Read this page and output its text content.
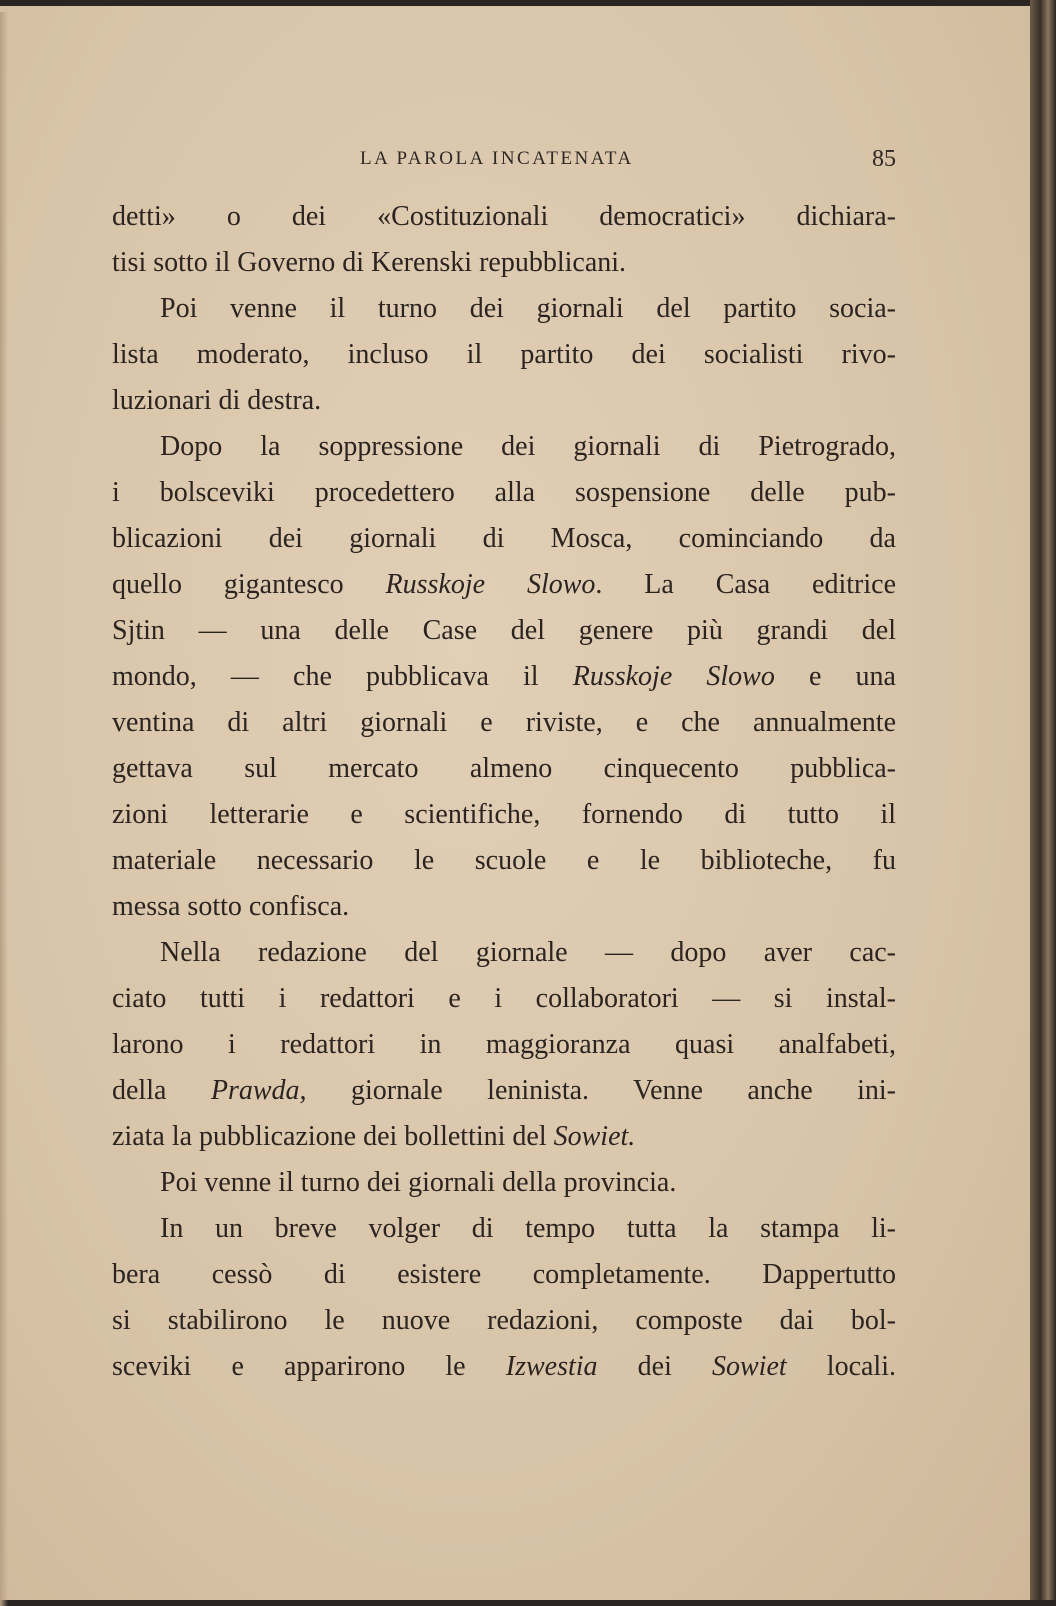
LA PAROLA INCATENATA	85
detti» o dei «Costituzionali democratici» dichiara-
tisi sotto il Governo di Kerenski repubblicani.
Poi venne il turno dei giornali del partito socia-
lista moderato, incluso il partito dei socialisti rivo-
luzionari di destra.
Dopo la soppressione dei giornali di Pietrogrado,
i bolsceviki procedettero alla sospensione delle pub-
blicazioni dei giornali di Mosca, cominciando da
quello gigantesco Russkoje Slowo. La Casa editrice
Sjtin — una delle Case del genere più grandi del
mondo, — che pubblicava il Russkoje Slowo e una
ventina di altri giornali e riviste, e che annualmente
gettava sul mercato almeno cinquecento pubblica-
zioni letterarie e scientifiche, fornendo di tutto il
materiale necessario le scuole e le biblioteche, fu
messa sotto confisca.
Nella redazione del giornale — dopo aver cac-
ciato tutti i redattori e i collaboratori — si instal-
larono i redattori in maggioranza quasi analfabeti,
della Prawda, giornale leninista. Venne anche ini-
ziata la pubblicazione dei bollettini del Sowiet.
Poi venne il turno dei giornali della provincia.
In un breve volger di tempo tutta la stampa li-
bera cessò di esistere completamente. Dappertutto
si stabilirono le nuove redazioni, composte dai bol-
sceviki e apparirono le Izwestia dei Sowiet locali.
